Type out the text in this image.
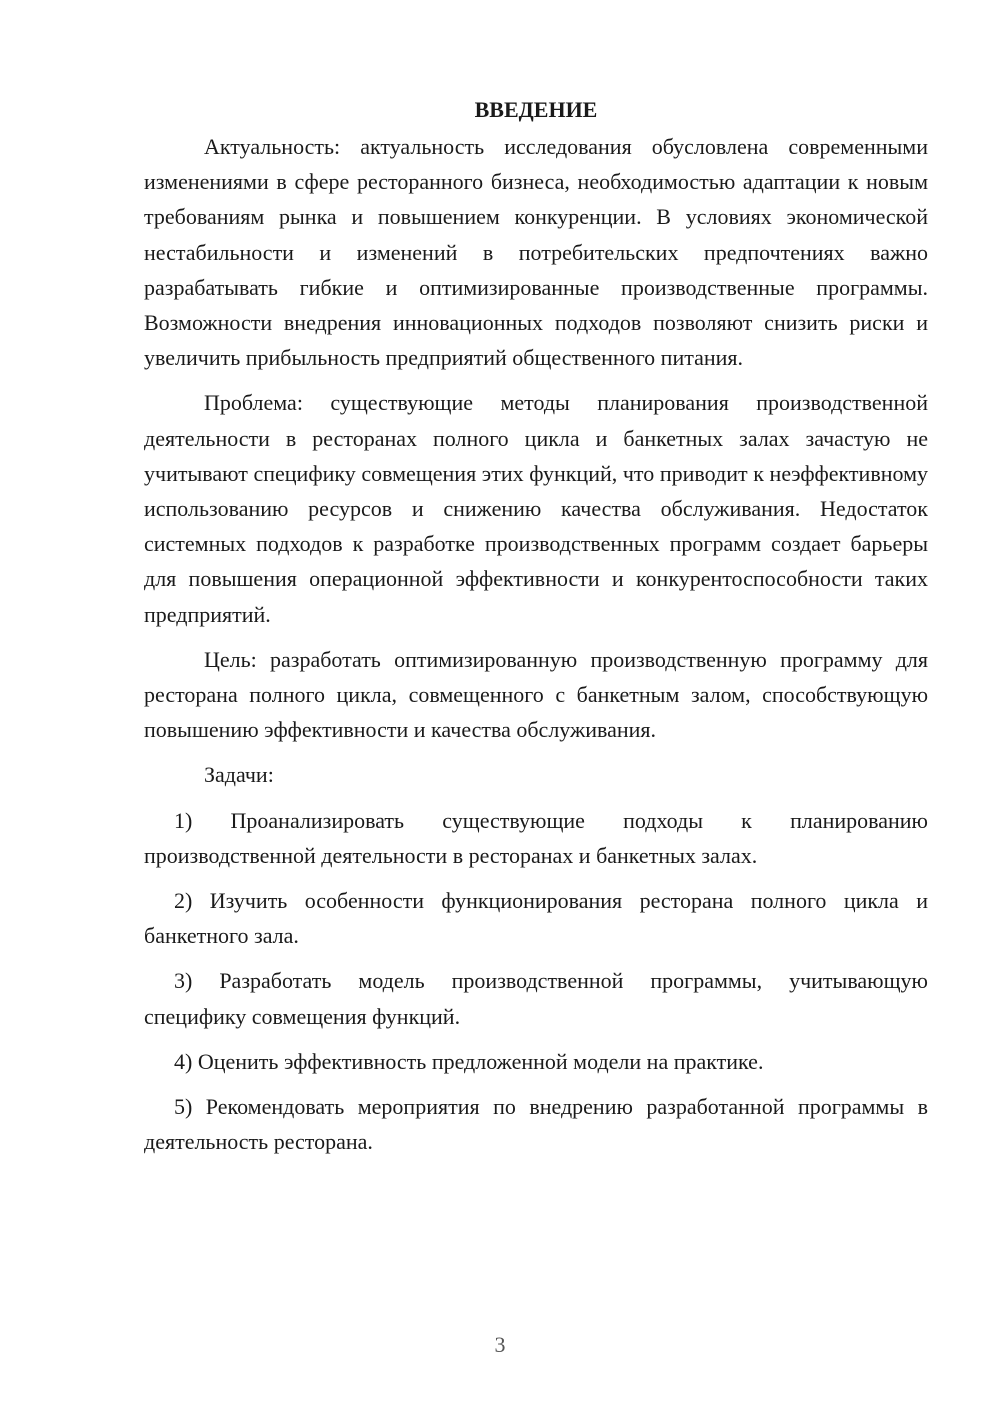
ВВЕДЕНИЕ

Актуальность: актуальность исследования обусловлена современными изменениями в сфере ресторанного бизнеса, необходимостью адаптации к новым требованиям рынка и повышением конкуренции. В условиях экономической нестабильности и изменений в потребительских предпочтениях важно разрабатывать гибкие и оптимизированные производственные программы. Возможности внедрения инновационных подходов позволяют снизить риски и увеличить прибыльность предприятий общественного питания.

Проблема: существующие методы планирования производственной деятельности в ресторанах полного цикла и банкетных залах зачастую не учитывают специфику совмещения этих функций, что приводит к неэффективному использованию ресурсов и снижению качества обслуживания. Недостаток системных подходов к разработке производственных программ создает барьеры для повышения операционной эффективности и конкурентоспособности таких предприятий.

Цель: разработать оптимизированную производственную программу для ресторана полного цикла, совмещенного с банкетным залом, способствующую повышению эффективности и качества обслуживания.

Задачи:

1) Проанализировать существующие подходы к планированию производственной деятельности в ресторанах и банкетных залах.

2) Изучить особенности функционирования ресторана полного цикла и банкетного зала.

3) Разработать модель производственной программы, учитывающую специфику совмещения функций.

4) Оценить эффективность предложенной модели на практике.

5) Рекомендовать мероприятия по внедрению разработанной программы в деятельность ресторана.

3
